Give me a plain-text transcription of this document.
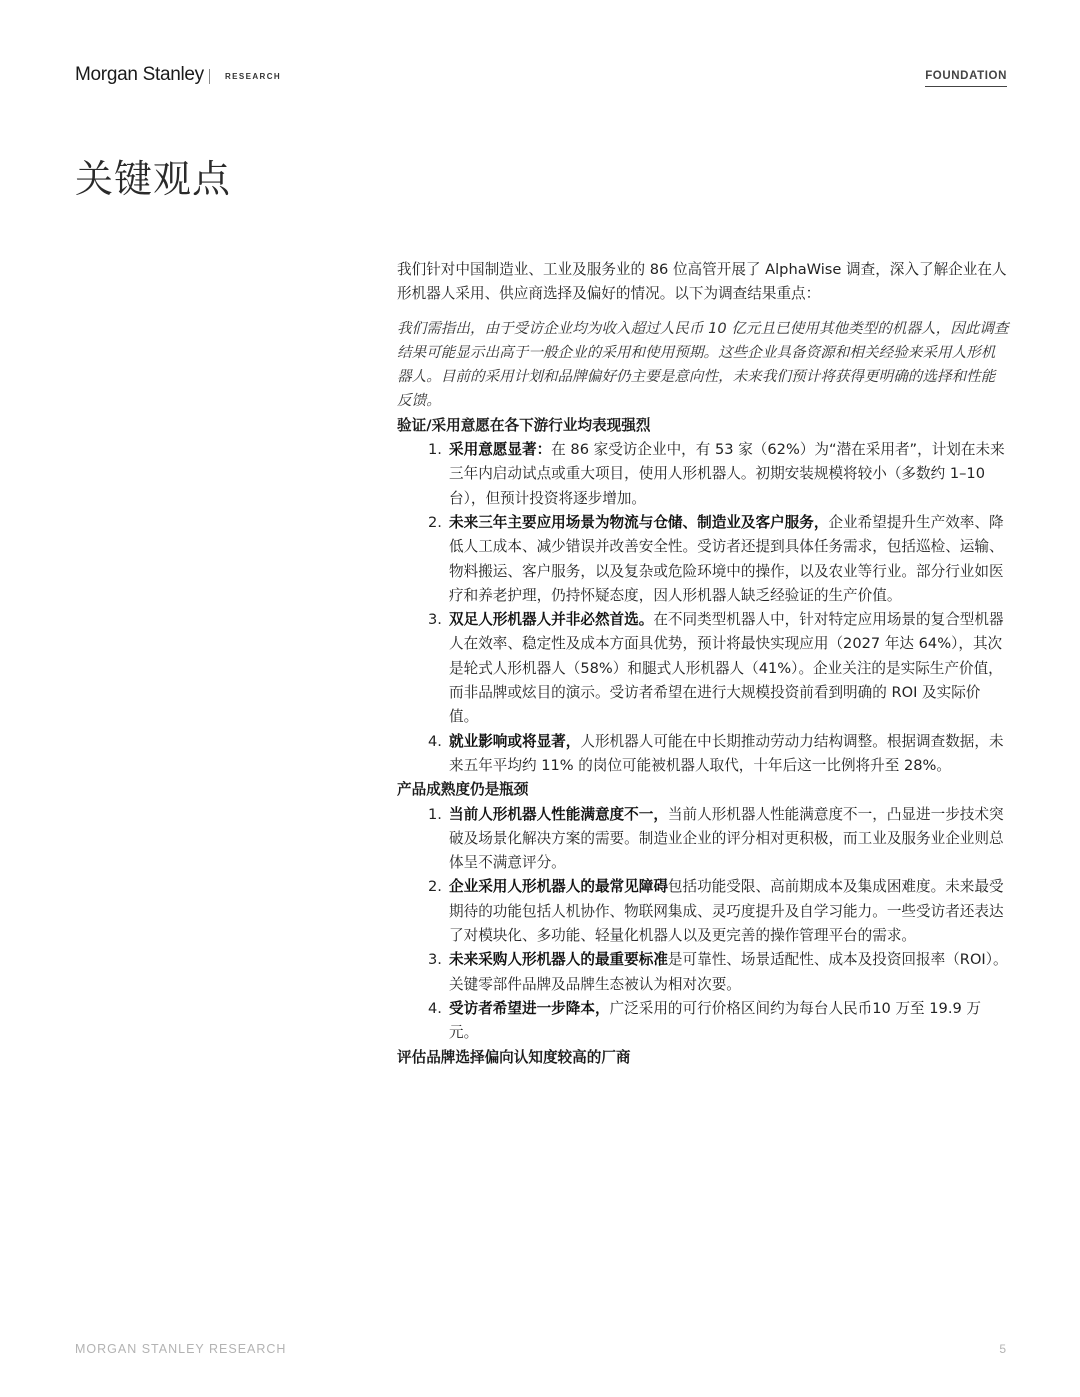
Morgan Stanley	RESEARCH	FOUNDATION
关键观点

我们针对中国制造业、工业及服务业的 86 位高管开展了 AlphaWise 调查，深入了解企业在人形机器人采用、供应商选择及偏好的情况。以下为调查结果重点：

我们需指出，由于受访企业均为收入超过人民币 10 亿元且已使用其他类型的机器人，因此调查结果可能显示出高于一般企业的采用和使用预期。这些企业具备资源和相关经验来采用人形机器人。目前的采用计划和品牌偏好仍主要是意向性，未来我们预计将获得更明确的选择和性能反馈。

验证/采用意愿在各下游行业均表现强烈

1. 采用意愿显著：在 86 家受访企业中，有 53 家（62%）为“潜在采用者”，计划在未来三年内启动试点或重大项目，使用人形机器人。初期安装规模将较小（多数约 1–10 台），但预计投资将逐步增加。
2. 未来三年主要应用场景为物流与仓储、制造业及客户服务，企业希望提升生产效率、降低人工成本、减少错误并改善安全性。受访者还提到具体任务需求，包括巡检、运输、物料搬运、客户服务，以及复杂或危险环境中的操作，以及农业等行业。部分行业如医疗和养老护理，仍持怀疑态度，因人形机器人缺乏经验证的生产价值。
3. 双足人形机器人并非必然首选。在不同类型机器人中，针对特定应用场景的复合型机器人在效率、稳定性及成本方面具优势，预计将最快实现应用（2027 年达 64%），其次是轮式人形机器人（58%）和腿式人形机器人（41%）。企业关注的是实际生产价值，而非品牌或炫目的演示。受访者希望在进行大规模投资前看到明确的 ROI 及实际价值。
4. 就业影响或将显著，人形机器人可能在中长期推动劳动力结构调整。根据调查数据，未来五年平均约 11% 的岗位可能被机器人取代，十年后这一比例将升至 28%。

产品成熟度仍是瓶颈

1. 当前人形机器人性能满意度不一，当前人形机器人性能满意度不一，凸显进一步技术突破及场景化解决方案的需要。制造业企业的评分相对更积极，而工业及服务业企业则总体呈不满意评分。
2. 企业采用人形机器人的最常见障碍包括功能受限、高前期成本及集成困难度。未来最受期待的功能包括人机协作、物联网集成、灵巧度提升及自学习能力。一些受访者还表达了对模块化、多功能、轻量化机器人以及更完善的操作管理平台的需求。
3. 未来采购人形机器人的最重要标准是可靠性、场景适配性、成本及投资回报率（ROI）。关键零部件品牌及品牌生态被认为相对次要。
4. 受访者希望进一步降本，广泛采用的可行价格区间约为每台人民币10 万至 19.9 万元。

评估品牌选择偏向认知度较高的厂商

MORGAN STANLEY RESEARCH	5
